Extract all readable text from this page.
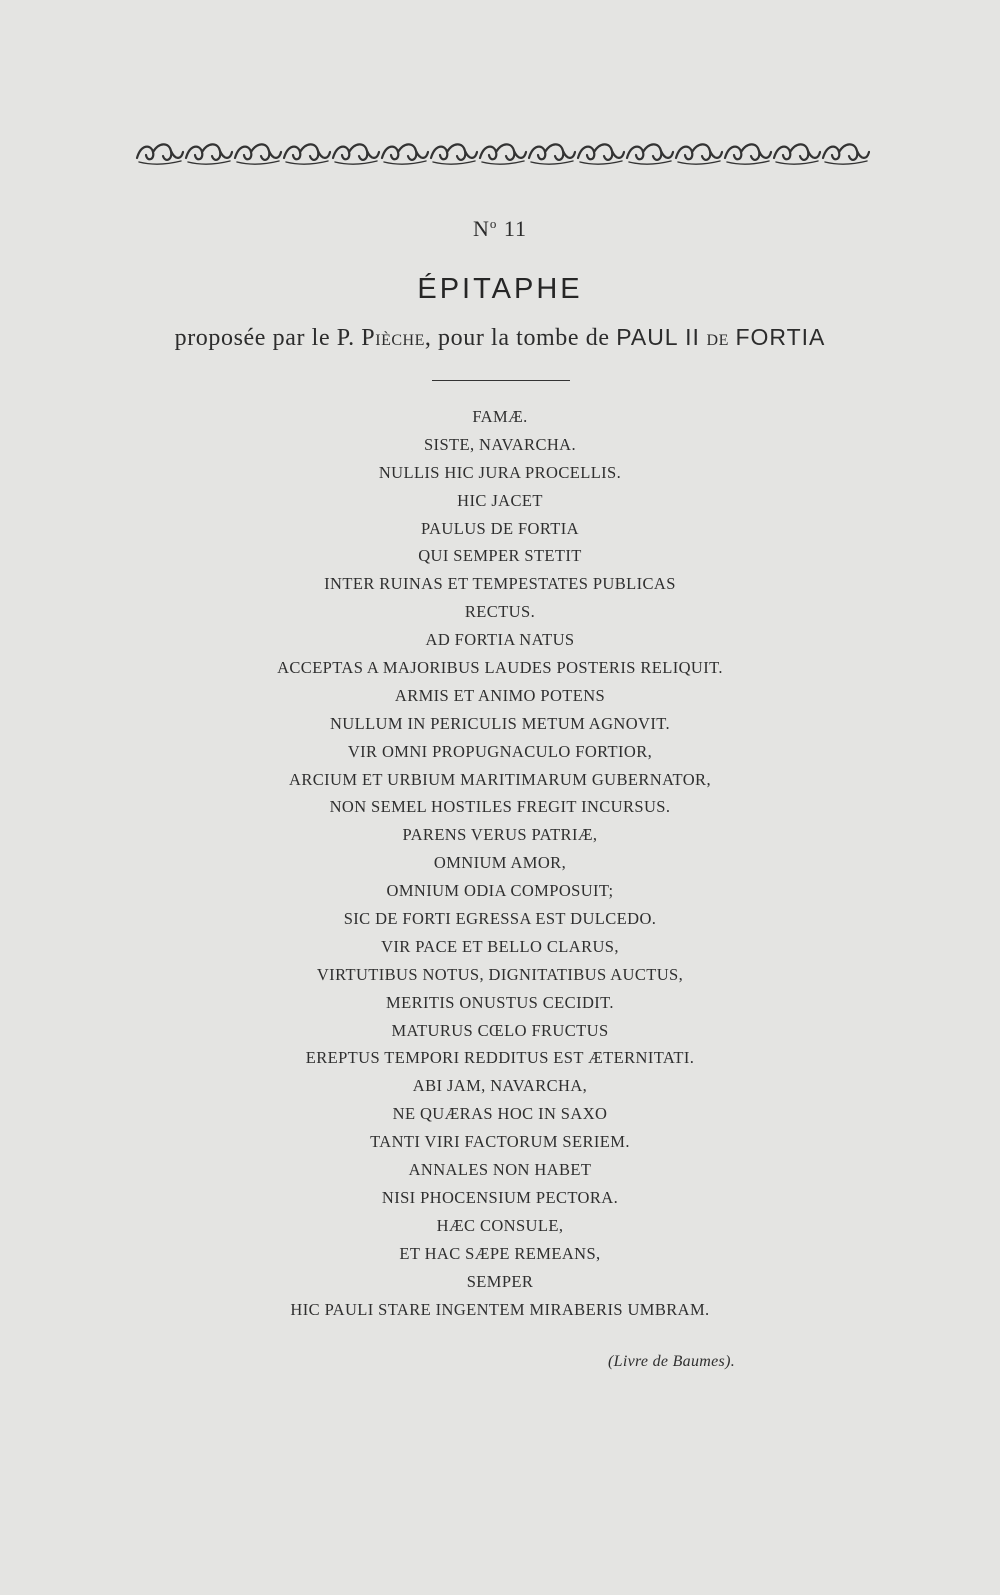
$N^o$ 11
ÉPITAPHE
proposée par le P. PIÈCHE, pour la tombe de PAUL II DE FORTIA
FAMÆ.
SISTE, NAVARCHA.
NULLIS HIC JURA PROCELLIS.
HIC JACET
PAULUS DE FORTIA
QUI SEMPER STETIT
INTER RUINAS ET TEMPESTATES PUBLICAS
RECTUS.
AD FORTIA NATUS
ACCEPTAS A MAJORIBUS LAUDES POSTERIS RELIQUIT.
ARMIS ET ANIMO POTENS
NULLUM IN PERICULIS METUM AGNOVIT.
VIR OMNI PROPUGNACULO FORTIOR,
ARCIUM ET URBIUM MARITIMARUM GUBERNATOR,
NON SEMEL HOSTILES FREGIT INCURSUS.
PARENS VERUS PATRIÆ,
OMNIUM AMOR,
OMNIUM ODIA COMPOSUIT;
SIC DE FORTI EGRESSA EST DULCEDO.
VIR PACE ET BELLO CLARUS,
VIRTUTIBUS NOTUS, DIGNITATIBUS AUCTUS,
MERITIS ONUSTUS CECIDIT.
MATURUS CŒLO FRUCTUS
EREPTUS TEMPORI REDDITUS EST ÆTERNITATI.
ABI JAM, NAVARCHA,
NE QUÆRAS HOC IN SAXO
TANTI VIRI FACTORUM SERIEM.
ANNALES NON HABET
NISI PHOCENSIUM PECTORA.
HÆC CONSULE,
ET HAC SÆPE REMEANS,
SEMPER
HIC PAULI STARE INGENTEM MIRABERIS UMBRAM.
(Livre de Baumes).
